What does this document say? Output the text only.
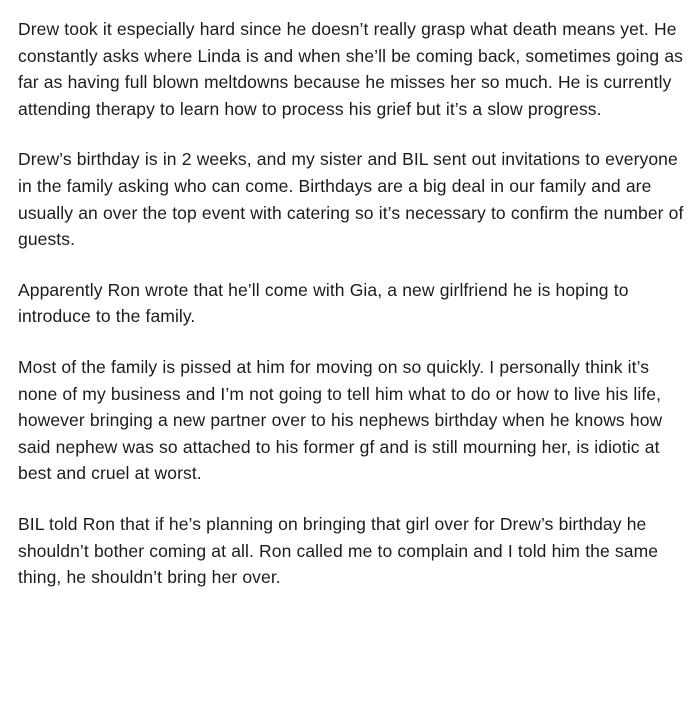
Drew took it especially hard since he doesn’t really grasp what death means yet. He constantly asks where Linda is and when she’ll be coming back, sometimes going as far as having full blown meltdowns because he misses her so much. He is currently attending therapy to learn how to process his grief but it’s a slow progress.

Drew’s birthday is in 2 weeks, and my sister and BIL sent out invitations to everyone in the family asking who can come. Birthdays are a big deal in our family and are usually an over the top event with catering so it’s necessary to confirm the number of guests.

Apparently Ron wrote that he’ll come with Gia, a new girlfriend he is hoping to introduce to the family.

Most of the family is pissed at him for moving on so quickly. I personally think it’s none of my business and I’m not going to tell him what to do or how to live his life, however bringing a new partner over to his nephews birthday when he knows how said nephew was so attached to his former gf and is still mourning her, is idiotic at best and cruel at worst.

BIL told Ron that if he’s planning on bringing that girl over for Drew’s birthday he shouldn’t bother coming at all. Ron called me to complain and I told him the same thing, he shouldn’t bring her over.
